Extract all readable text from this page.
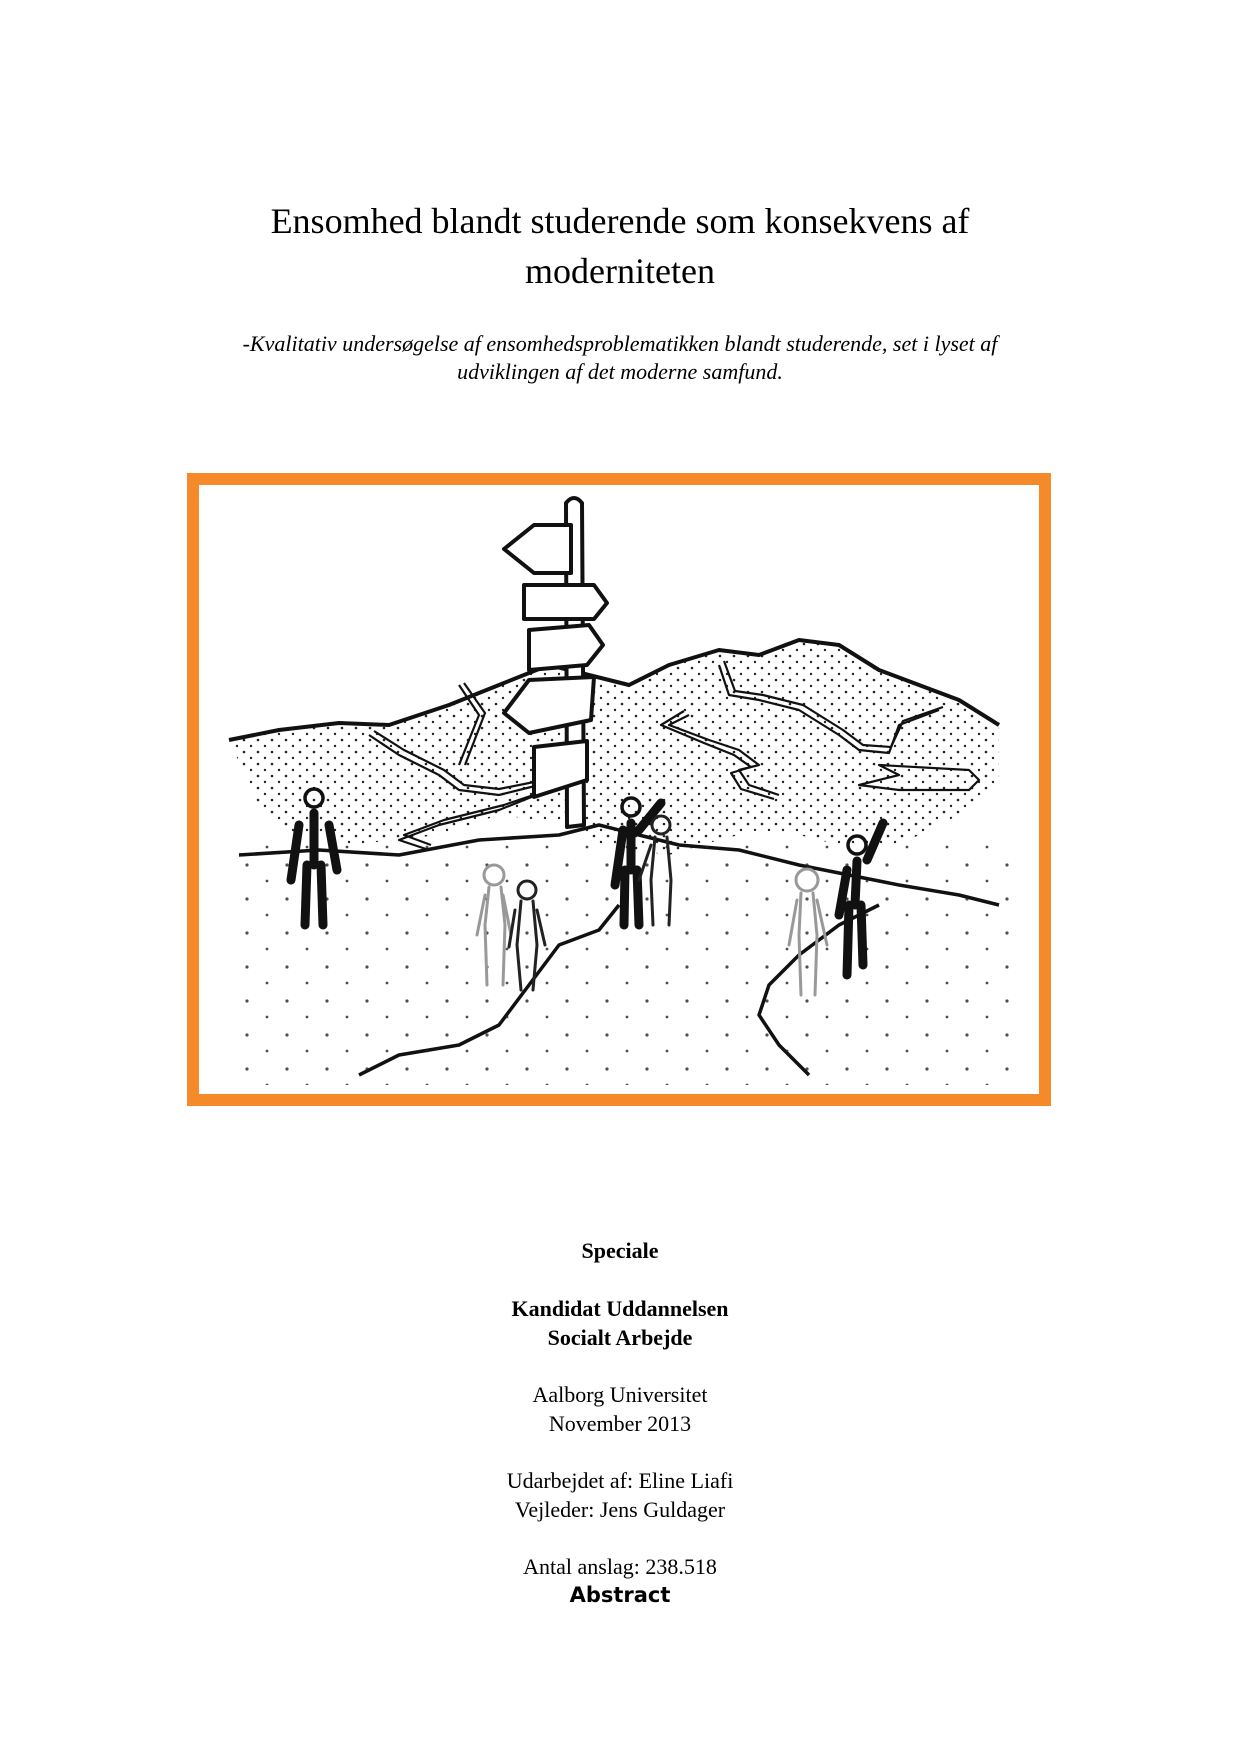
Ensomhed blandt studerende som konsekvens af
moderniteten

-Kvalitativ undersøgelse af ensomhedsproblematikken blandt studerende, set i lyset af
udviklingen af det moderne samfund.

Speciale
Kandidat Uddannelsen
Socialt Arbejde
Aalborg Universitet
November 2013
Udarbejdet af: Eline Liafi
Vejleder: Jens Guldager
Antal anslag: 238.518
Abstract
